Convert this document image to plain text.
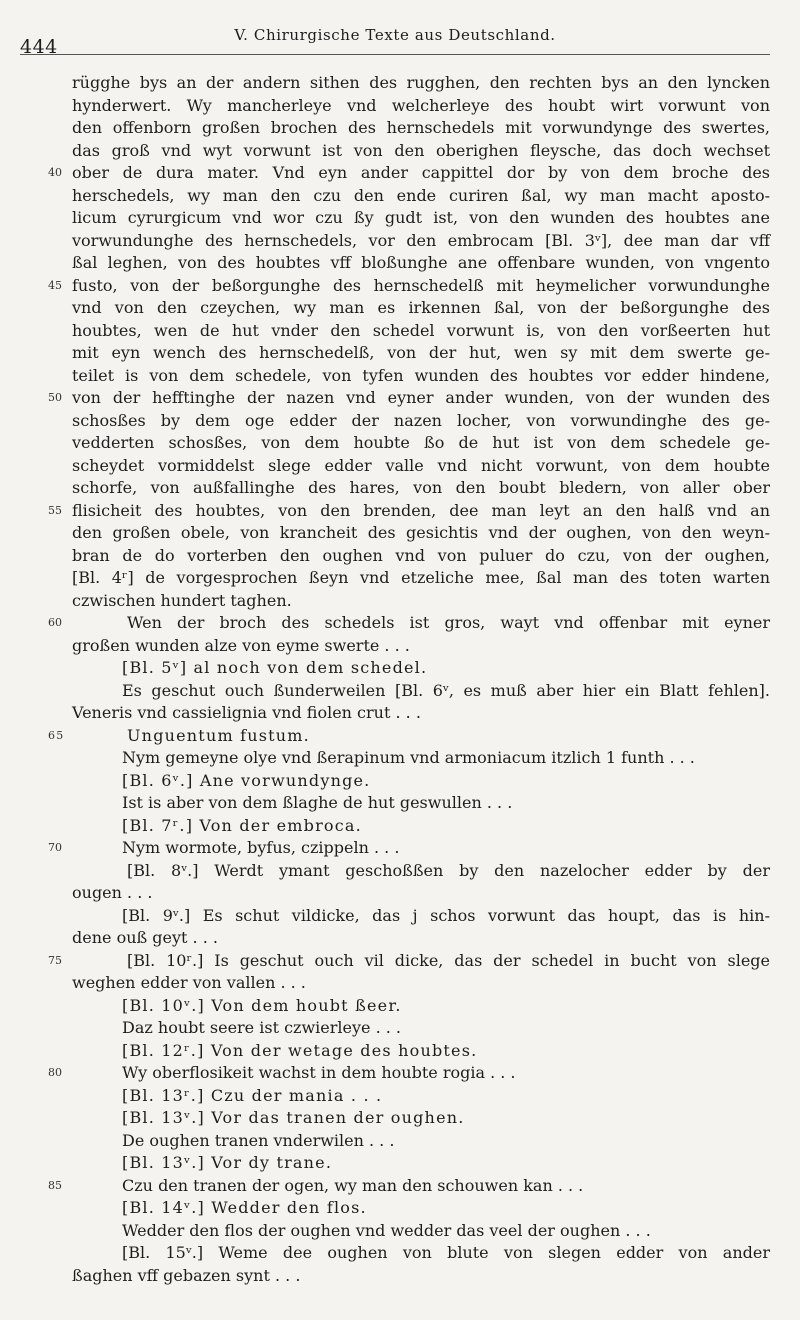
444
V. Chirurgische Texte aus Deutschland.
rügghe bys an der andern sithen des rugghen, den rechten bys an den lyncken
hynderwert. Wy mancherleye vnd welcherleye des houbt wirt vorwunt von
den offenborn großen brochen des hernschedels mit vorwundynge des swertes,
das groß vnd wyt vorwunt ist von den oberighen fleysche, das doch wechset
40 ober de dura mater. Vnd eyn ander cappittel dor by von dem broche des
herschedels, wy man den czu den ende curiren ßal, wy man macht aposto-
licum cyrurgicum vnd wor czu ßy gudt ist, von den wunden des houbtes ane
vorwundunghe des hernschedels, vor den embrocam [Bl. 3ᵛ], dee man dar vff
ßal leghen, von des houbtes vff bloßunghe ane offenbare wunden, von vngento
45 fusto, von der beßorgunghe des hernschedelß mit heymelicher vorwundunghe
vnd von den czeychen, wy man es irkennen ßal, von der beßorgunghe des
houbtes, wen de hut vnder den schedel vorwunt is, von den vorßeerten hut
mit eyn wench des hernschedelß, von der hut, wen sy mit dem swerte ge-
teilet is von dem schedele, von tyfen wunden des houbtes vor edder hindene,
50 von der hefftinghe der nazen vnd eyner ander wunden, von der wunden des
schosßes by dem oge edder der nazen locher, von vorwundinghe des ge-
vedderten schosßes, von dem houbte ßo de hut ist von dem schedele ge-
scheydet vormiddelst slege edder valle vnd nicht vorwunt, von dem houbte
schorfe, von außfallinghe des hares, von den boubt bledern, von aller ober
55 flisicheit des houbtes, von den brenden, dee man leyt an den halß vnd an
den großen obele, von krancheit des gesichtis vnd der oughen, von den weyn-
bran de do vorterben den oughen vnd von puluer do czu, von der oughen,
[Bl. 4ʳ] de vorgesprochen ßeyn vnd etzeliche mee, ßal man des toten warten
czwischen hundert taghen.
60	Wen der broch des schedels ist gros, wayt vnd offenbar mit eyner
großen wunden alze von eyme swerte . . .
[Bl. 5ᵛ] al noch von dem schedel.
Es geschut ouch ßunderweilen [Bl. 6ᵛ, es muß aber hier ein Blatt fehlen].
Veneris vnd cassielignia vnd fiolen crut . . .
65	Unguentum fustum.
Nym gemeyne olye vnd ßerapinum vnd armoniacum itzlich 1 funth . . .
[Bl. 6ᵛ.] Ane vorwundynge.
Ist is aber von dem ßlaghe de hut geswullen . . .
[Bl. 7ʳ.] Von der embroca.
70	Nym wormote, byfus, czippeln . . .
[Bl. 8ᵛ.] Werdt ymant geschoßßen by den nazelocher edder by der
ougen . . .
[Bl. 9ᵛ.] Es schut vildicke, das j schos vorwunt das houpt, das is hin-
dene ouß geyt . . .
75	[Bl. 10ʳ.] Is geschut ouch vil dicke, das der schedel in bucht von slege
weghen edder von vallen . . .
[Bl. 10ᵛ.] Von dem houbt ßeer.
Daz houbt seere ist czwierleye . . .
[Bl. 12ʳ.] Von der wetage des houbtes.
80	Wy oberflosikeit wachst in dem houbte rogia . . .
[Bl. 13ʳ.] Czu der mania . . .
[Bl. 13ᵛ.] Vor das tranen der oughen.
De oughen tranen vnderwilen . . .
[Bl. 13ᵛ.] Vor dy trane.
85	Czu den tranen der ogen, wy man den schouwen kan . . .
[Bl. 14ᵛ.] Wedder den flos.
Wedder den flos der oughen vnd wedder das veel der oughen . . .
[Bl. 15ᵛ.] Weme dee oughen von blute von slegen edder von ander
ßaghen vff gebazen synt . . .
